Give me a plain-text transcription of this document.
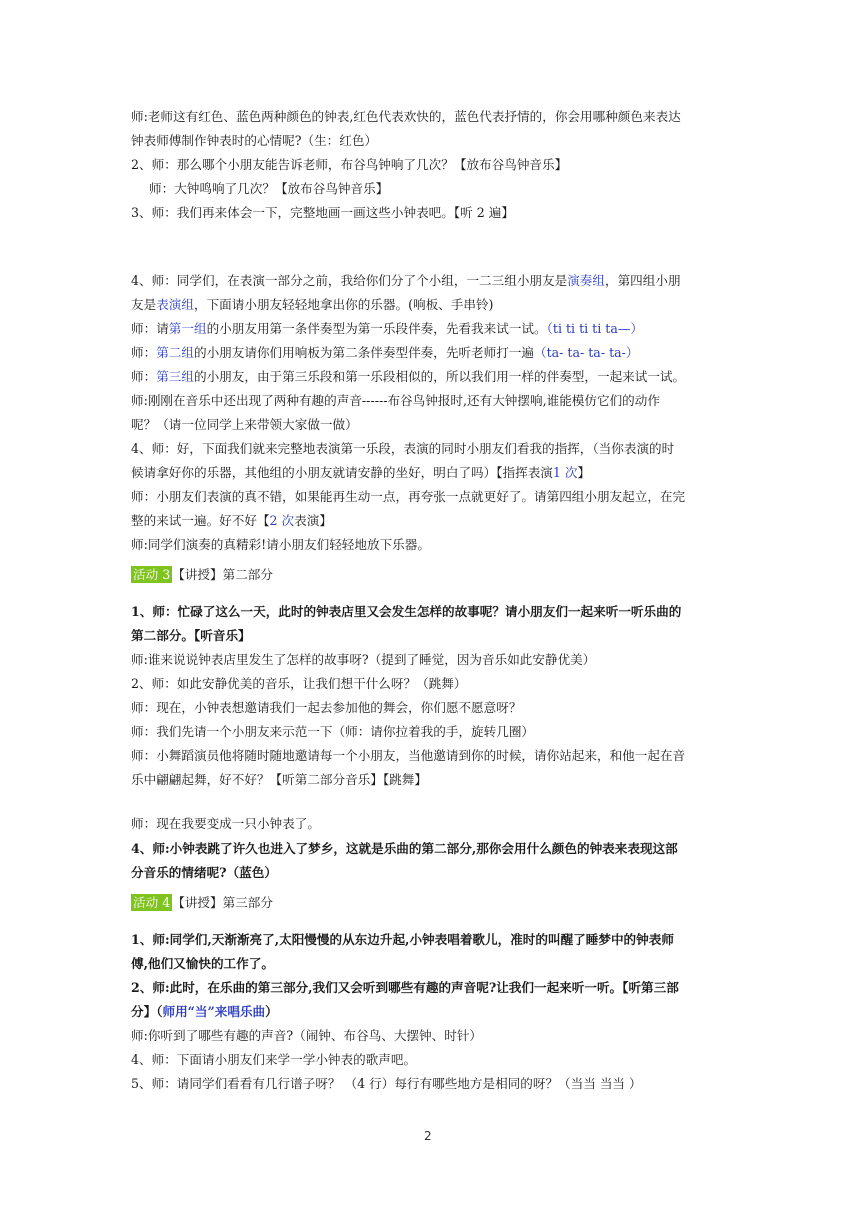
师:老师这有红色、蓝色两种颜色的钟表,红色代表欢快的，蓝色代表抒情的，你会用哪种颜色来表达
钟表师傅制作钟表时的心情呢?（生：红色）
2、师：那么哪个小朋友能告诉老师，布谷鸟钟响了几次？【放布谷鸟钟音乐】
师：大钟鸣响了几次？【放布谷鸟钟音乐】
3、师：我们再来体会一下，完整地画一画这些小钟表吧。【听 2 遍】
4、师：同学们，在表演一部分之前，我给你们分了个小组，一二三组小朋友是演奏组，第四组小朋
友是表演组，下面请小朋友轻轻地拿出你的乐器。(响板、手串铃)
师：请第一组的小朋友用第一条伴奏型为第一乐段伴奏，先看我来试一试。（ti ti ti ti ta—）
师：第二组的小朋友请你们用响板为第二条伴奏型伴奏，先听老师打一遍（ta- ta- ta- ta-）
师：第三组的小朋友，由于第三乐段和第一乐段相似的，所以我们用一样的伴奏型，一起来试一试。
师:刚刚在音乐中还出现了两种有趣的声音------布谷鸟钟报时,还有大钟摆响,谁能模仿它们的动作
呢？（请一位同学上来带领大家做一做）
4、师：好，下面我们就来完整地表演第一乐段，表演的同时小朋友们看我的指挥，（当你表演的时
候请拿好你的乐器，其他组的小朋友就请安静的坐好，明白了吗）【指挥表演1 次】
师：小朋友们表演的真不错，如果能再生动一点，再夸张一点就更好了。请第四组小朋友起立，在完
整的来试一遍。好不好【2 次表演】
师:同学们演奏的真精彩!请小朋友们轻轻地放下乐器。
活动 3 【讲授】第二部分
1、师：忙碌了这么一天，此时的钟表店里又会发生怎样的故事呢？请小朋友们一起来听一听乐曲的
第二部分。【听音乐】
师:谁来说说钟表店里发生了怎样的故事呀?（提到了睡觉，因为音乐如此安静优美）
2、师：如此安静优美的音乐，让我们想干什么呀？（跳舞）
师：现在，小钟表想邀请我们一起去参加他的舞会，你们愿不愿意呀？
师：我们先请一个小朋友来示范一下（师：请你拉着我的手，旋转几圈）
师：小舞蹈演员他将随时随地邀请每一个小朋友，当他邀请到你的时候，请你站起来，和他一起在音
乐中翩翩起舞，好不好？【听第二部分音乐】【跳舞】
师：现在我要变成一只小钟表了。
4、师:小钟表跳了许久也进入了梦乡，这就是乐曲的第二部分,那你会用什么颜色的钟表来表现这部
分音乐的情绪呢?（蓝色）
活动 4 【讲授】第三部分
1、师:同学们,天渐渐亮了,太阳慢慢的从东边升起,小钟表唱着歌儿，准时的叫醒了睡梦中的钟表师
傅,他们又愉快的工作了。
2、师:此时，在乐曲的第三部分,我们又会听到哪些有趣的声音呢?让我们一起来听一听。【听第三部
分】（师用“当”来唱乐曲）
师:你听到了哪些有趣的声音?（闹钟、布谷鸟、大摆钟、时针）
4、师：下面请小朋友们来学一学小钟表的歌声吧。
5、师：请同学们看看有几行谱子呀？ （4 行）每行有哪些地方是相同的呀？（当当 当当 ）
2
